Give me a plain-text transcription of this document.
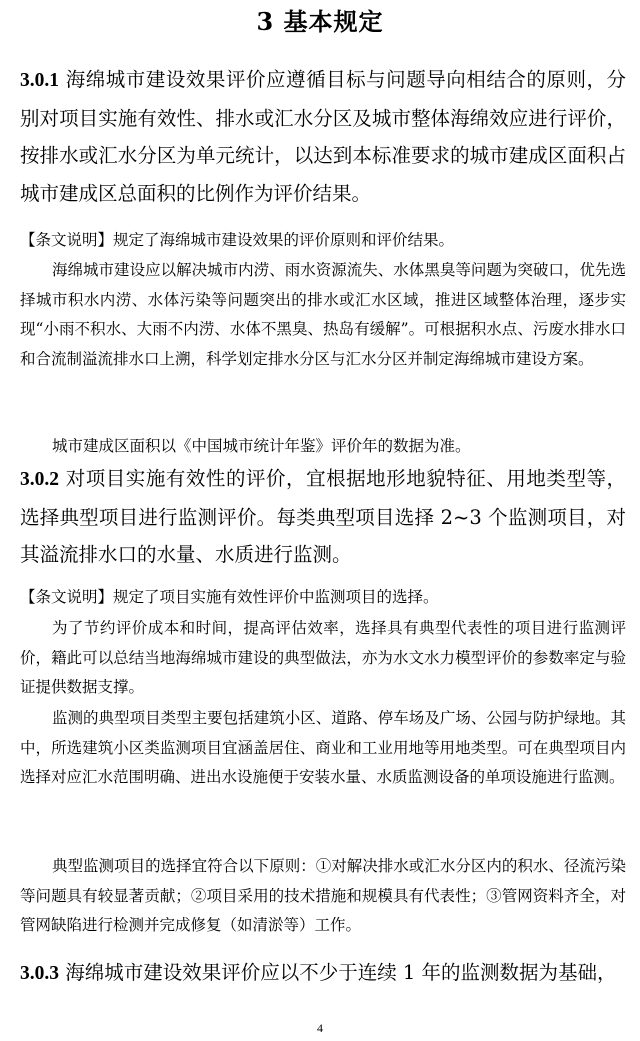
3 基本规定
3.0.1 海绵城市建设效果评价应遵循目标与问题导向相结合的原则，分别对项目实施有效性、排水或汇水分区及城市整体海绵效应进行评价，按排水或汇水分区为单元统计，以达到本标准要求的城市建成区面积占城市建成区总面积的比例作为评价结果。
【条文说明】规定了海绵城市建设效果的评价原则和评价结果。
海绵城市建设应以解决城市内涝、雨水资源流失、水体黑臭等问题为突破口，优先选择城市积水内涝、水体污染等问题突出的排水或汇水区域，推进区域整体治理，逐步实现“小雨不积水、大雨不内涝、水体不黑臭、热岛有缓解”。可根据积水点、污废水排水口和合流制溢流排水口上溯，科学划定排水分区与汇水分区并制定海绵城市建设方案。
城市建成区面积以《中国城市统计年鉴》评价年的数据为准。
3.0.2 对项目实施有效性的评价，宜根据地形地貌特征、用地类型等，选择典型项目进行监测评价。每类典型项目选择 2~3 个监测项目，对其溢流排水口的水量、水质进行监测。
【条文说明】规定了项目实施有效性评价中监测项目的选择。
为了节约评价成本和时间，提高评估效率，选择具有典型代表性的项目进行监测评价，籍此可以总结当地海绵城市建设的典型做法，亦为水文水力模型评价的参数率定与验证提供数据支撑。
监测的典型项目类型主要包括建筑小区、道路、停车场及广场、公园与防护绿地。其中，所选建筑小区类监测项目宜涵盖居住、商业和工业用地等用地类型。可在典型项目内选择对应汇水范围明确、进出水设施便于安装水量、水质监测设备的单项设施进行监测。
典型监测项目的选择宜符合以下原则：①对解决排水或汇水分区内的积水、径流污染等问题具有较显著贡献；②项目采用的技术措施和规模具有代表性；③管网资料齐全，对管网缺陷进行检测并完成修复（如清淤等）工作。
3.0.3 海绵城市建设效果评价应以不少于连续 1 年的监测数据为基础，
4
